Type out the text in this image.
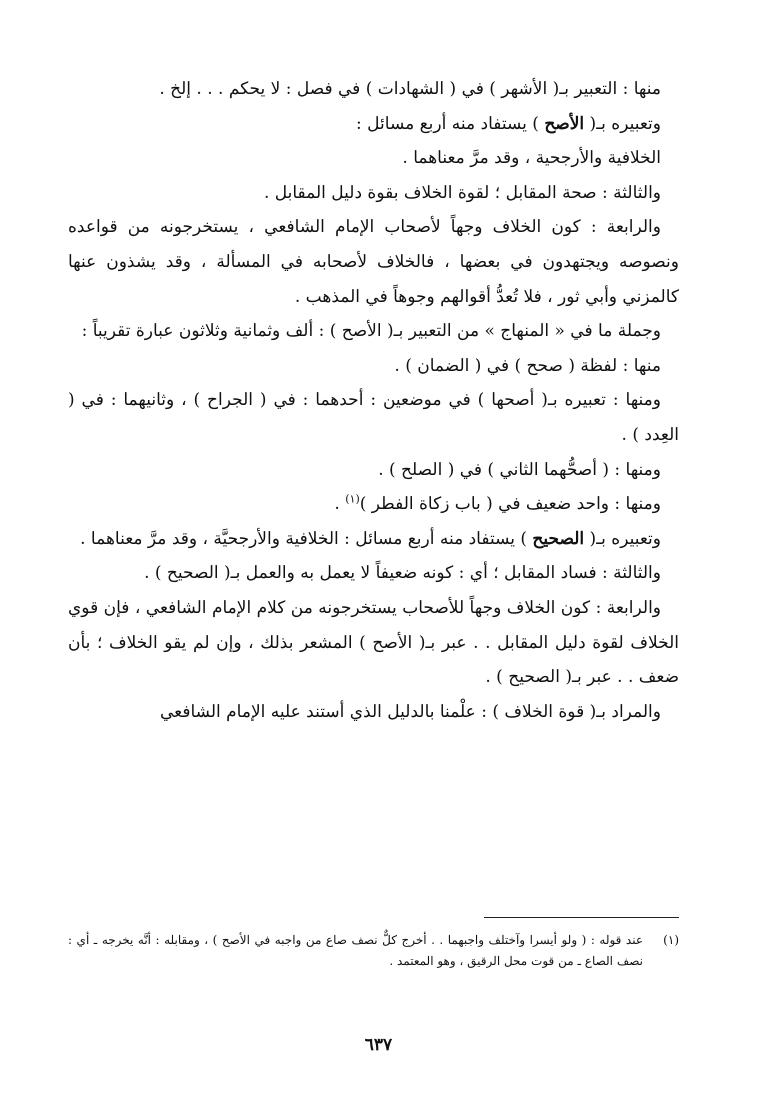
منها : التعبير بـ( الأشهر ) في ( الشهادات ) في فصل : لا يحكم . . . إلخ .

وتعبيره بـ( الأصح ) يستفاد منه أربع مسائل :

الخلافية والأرجحية ، وقد مرَّ معناهما .

والثالثة : صحة المقابل ؛ لقوة الخلاف بقوة دليل المقابل .

والرابعة : كون الخلاف وجهاً لأصحاب الإمام الشافعي ، يستخرجونه من قواعده ونصوصه ويجتهدون في بعضها ، فالخلاف لأصحابه في المسألة ، وقد يشذون عنها كالمزني وأبي ثور ، فلا تُعدُّ أقوالهم وجوهاً في المذهب .

وجملة ما في « المنهاج » من التعبير بـ( الأصح ) : ألف وثمانية وثلاثون عبارة تقريباً :

منها : لفظة ( صحح ) في ( الضمان ) .

ومنها : تعبيره بـ( أصحها ) في موضعين : أحدهما : في ( الجراح ) ، وثانيهما : في ( العِدد ) .

ومنها : ( أصحُّهما الثاني ) في ( الصلح ) .

ومنها : واحد ضعيف في ( باب زكاة الفطر )$^{(١)}$ .

وتعبيره بـ( الصحيح ) يستفاد منه أربع مسائل : الخلافية والأرجحيَّة ، وقد مرَّ معناهما .

والثالثة : فساد المقابل ؛ أي : كونه ضعيفاً لا يعمل به والعمل بـ( الصحيح ) .

والرابعة : كون الخلاف وجهاً للأصحاب يستخرجونه من كلام الإمام الشافعي ، فإن قوي الخلاف لقوة دليل المقابل . . عبر بـ( الأصح ) المشعر بذلك ، وإن لم يقو الخلاف ؛ بأن ضعف . . عبر بـ( الصحيح ) .

والمراد بـ( قوة الخلاف ) : علْمنا بالدليل الذي أستند عليه الإمام الشافعي

(١)
عند قوله : ( ولو أيسرا وآختلف واجبهما . . أخرج كلٌّ نصف صاع من واجبه في الأصح ) ، ومقابله : أنَّه يخرجه ـ أي : نصف الصاع ـ من قوت محل الرقيق ، وهو المعتمد .
٦٣٧
